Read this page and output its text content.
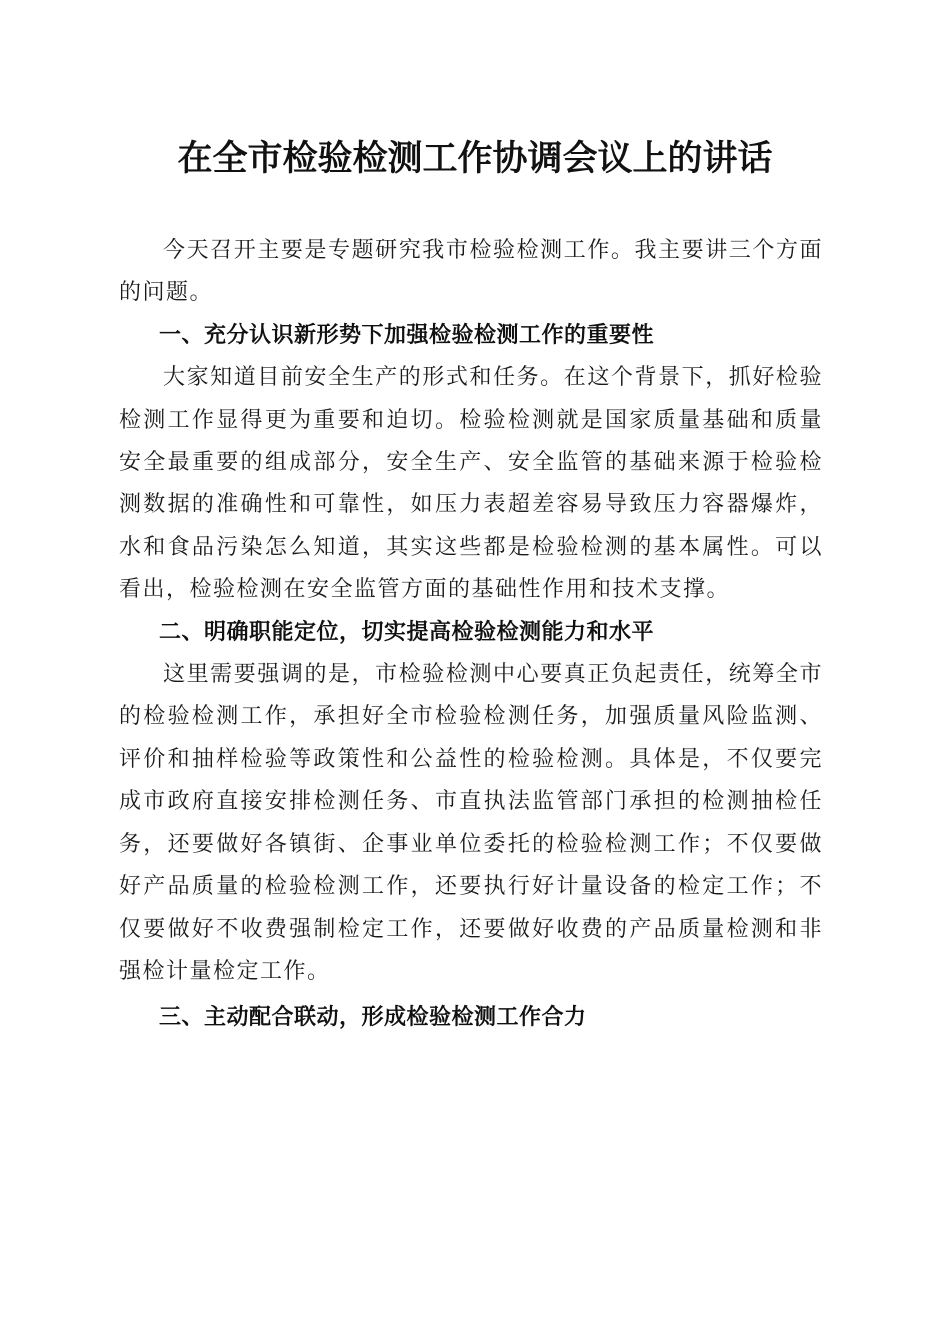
在全市检验检测工作协调会议上的讲话

今天召开主要是专题研究我市检验检测工作。我主要讲三个方面的问题。

一、充分认识新形势下加强检验检测工作的重要性

大家知道目前安全生产的形式和任务。在这个背景下，抓好检验检测工作显得更为重要和迫切。检验检测就是国家质量基础和质量安全最重要的组成部分，安全生产、安全监管的基础来源于检验检测数据的准确性和可靠性，如压力表超差容易导致压力容器爆炸，水和食品污染怎么知道，其实这些都是检验检测的基本属性。可以看出，检验检测在安全监管方面的基础性作用和技术支撑。

二、明确职能定位，切实提高检验检测能力和水平

这里需要强调的是，市检验检测中心要真正负起责任，统筹全市的检验检测工作，承担好全市检验检测任务，加强质量风险监测、评价和抽样检验等政策性和公益性的检验检测。具体是，不仅要完成市政府直接安排检测任务、市直执法监管部门承担的检测抽检任务，还要做好各镇街、企事业单位委托的检验检测工作；不仅要做好产品质量的检验检测工作，还要执行好计量设备的检定工作；不仅要做好不收费强制检定工作，还要做好收费的产品质量检测和非强检计量检定工作。

三、主动配合联动，形成检验检测工作合力
